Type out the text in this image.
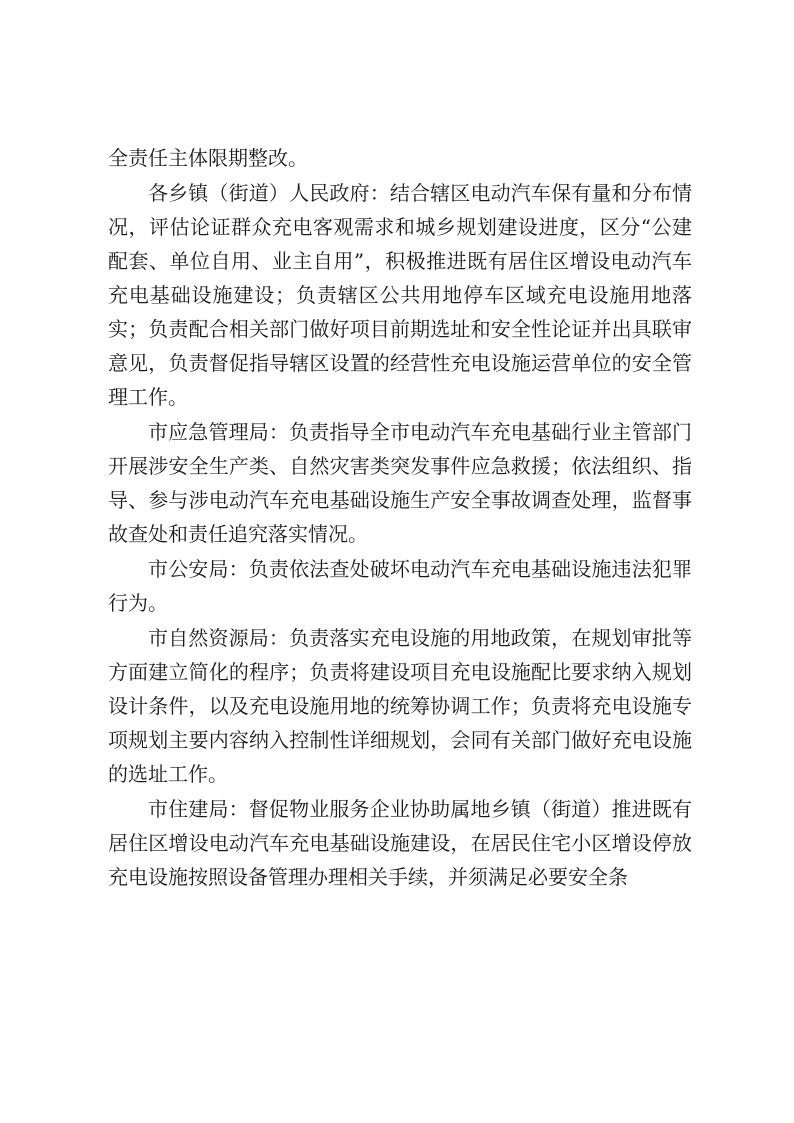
全责任主体限期整改。

各乡镇（街道）人民政府：结合辖区电动汽车保有量和分布情况，评估论证群众充电客观需求和城乡规划建设进度，区分“公建配套、单位自用、业主自用”，积极推进既有居住区增设电动汽车充电基础设施建设；负责辖区公共用地停车区域充电设施用地落实；负责配合相关部门做好项目前期选址和安全性论证并出具联审意见，负责督促指导辖区设置的经营性充电设施运营单位的安全管理工作。

市应急管理局：负责指导全市电动汽车充电基础行业主管部门开展涉安全生产类、自然灾害类突发事件应急救援；依法组织、指导、参与涉电动汽车充电基础设施生产安全事故调查处理，监督事故查处和责任追究落实情况。

市公安局：负责依法查处破坏电动汽车充电基础设施违法犯罪行为。

市自然资源局：负责落实充电设施的用地政策，在规划审批等方面建立简化的程序；负责将建设项目充电设施配比要求纳入规划设计条件，以及充电设施用地的统筹协调工作；负责将充电设施专项规划主要内容纳入控制性详细规划，会同有关部门做好充电设施的选址工作。

市住建局：督促物业服务企业协助属地乡镇（街道）推进既有居住区增设电动汽车充电基础设施建设，在居民住宅小区增设停放充电设施按照设备管理办理相关手续，并须满足必要安全条
